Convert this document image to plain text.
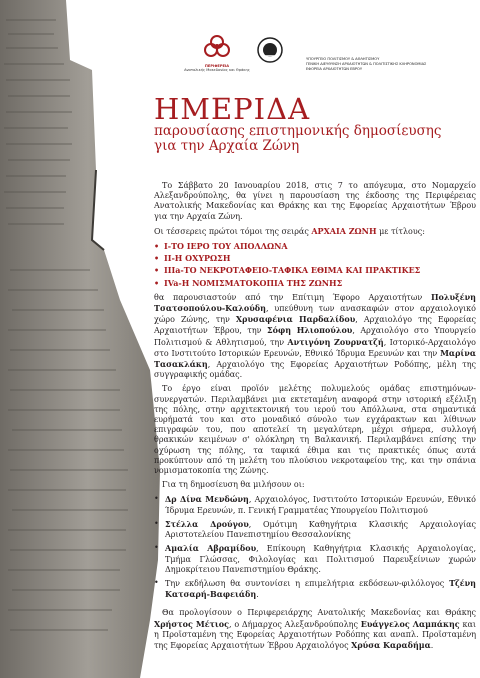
ΠΕΡΙΦΕΡΕΙΑ
Ανατολικής Μακεδονίας και Θράκης
ΥΠΟΥΡΓΕΙΟ ΠΟΛΙΤΙΣΜΟΥ & ΑΘΛΗΤΙΣΜΟΥ
ΓΕΝΙΚΗ ΔΙΕΥΘΥΝΣΗ ΑΡΧΑΙΟΤΗΤΩΝ & ΠΟΛΙΤΙΣΤΙΚΗΣ ΚΛΗΡΟΝΟΜΙΑΣ
ΕΦΟΡΕΙΑ ΑΡΧΑΙΟΤΗΤΩΝ ΕΒΡΟΥ
ΗΜΕΡΙΔΑ
παρουσίασης επιστημονικής δημοσίευσης
για την Αρχαία Ζώνη

Το Σάββατο 20 Ιανουαρίου 2018, στις 7 το απόγευμα, στο Νομαρχείο Αλεξανδρούπολης, θα γίνει η παρουσίαση της έκδοσης της Περιφέρειας Ανατολικής Μακεδονίας και Θράκης και της Εφορείας Αρχαιοτήτων Έβρου για την Αρχαία Ζώνη.

Οι τέσσερεις πρώτοι τόμοι της σειράς ΑΡΧΑΙΑ ΖΩΝΗ με τίτλους:

• Ι-ΤΟ ΙΕΡΟ ΤΟΥ ΑΠΟΛΛΩΝΑ
• ΙΙ-Η ΟΧΥΡΩΣΗ
• ΙΙΙa-ΤΟ ΝΕΚΡΟΤΑΦΕΙΟ-ΤΑΦΙΚΑ ΕΘΙΜΑ ΚΑΙ ΠΡΑΚΤΙΚΕΣ
• IVa-Η ΝΟΜΙΣΜΑΤΟΚΟΠΙΑ ΤΗΣ ΖΩΝΗΣ

θα παρουσιαστούν από την Επίτιμη Έφορο Αρχαιοτήτων Πολυξένη Τσατσοπούλου-Καλούδη, υπεύθυνη των ανασκαφών στον αρχαιολογικό χώρο Ζώνης, την Χρυσαφένια Παρδαλίδου, Αρχαιολόγο της Εφορείας Αρχαιοτήτων Έβρου, την Σόφη Ηλιοπούλου, Αρχαιολόγο στο Υπουργείο Πολιτισμού & Αθλητισμού, την Αντιγόνη Ζουρνατζή, Ιστορικό-Αρχαιολόγο στο Ινστιτούτο Ιστορικών Ερευνών, Εθνικό Ίδρυμα Ερευνών και την Μαρίνα Τασακλάκη, Αρχαιολόγο της Εφορείας Αρχαιοτήτων Ροδόπης, μέλη της συγγραφικής ομάδας.

Το έργο είναι προϊόν μελέτης πολυμελούς ομάδας επιστημόνων-συνεργατών. Περιλαμβάνει μια εκτεταμένη αναφορά στην ιστορική εξέλιξη της πόλης, στην αρχιτεκτονική του ιερού του Απόλλωνα, στα σημαντικά ευρήματά του και στο μοναδικό σύνολο των εγχάρακτων και λίθινων επιγραφών του, που αποτελεί τη μεγαλύτερη, μέχρι σήμερα, συλλογή θρακικών κειμένων σ' ολόκληρη τη Βαλκανική. Περιλαμβάνει επίσης την οχύρωση της πόλης, τα ταφικά έθιμα και τις πρακτικές όπως αυτά προκύπτουν από τη μελέτη του πλούσιου νεκροταφείου της, και την σπάνια νομισματοκοπία της Ζώνης.

Για τη δημοσίευση θα μιλήσουν οι:

• Δρ Δίνα Μενδώνη, Αρχαιολόγος, Ινστιτούτο Ιστορικών Ερευνών, Εθνικό Ίδρυμα Ερευνών, π. Γενική Γραμματέας Υπουργείου Πολιτισμού
• Στέλλα Δρούγου, Ομότιμη Καθηγήτρια Κλασικής Αρχαιολογίας Αριστοτελείου Πανεπιστημίου Θεσσαλονίκης
• Αμαλία Αβραμίδου, Επίκουρη Καθηγήτρια Κλασικής Αρχαιολογίας, Τμήμα Γλώσσας, Φιλολογίας και Πολιτισμού Παρευξείνιων χωρών Δημοκρίτειου Πανεπιστημίου Θράκης.
• Την εκδήλωση θα συντονίσει η επιμελήτρια εκδόσεων-φιλόλογος Τζένη Κατσαρή-Βαφειάδη.

Θα προλογίσουν ο Περιφερειάρχης Ανατολικής Μακεδονίας και Θράκης Χρήστος Μέτιος, ο Δήμαρχος Αλεξανδρούπολης Ευάγγελος Λαμπάκης και η Προϊσταμένη της Εφορείας Αρχαιοτήτων Ροδόπης και αναπλ. Προϊσταμένη της Εφορείας Αρχαιοτήτων Έβρου Αρχαιολόγος Χρύσα Καραδήμα.
